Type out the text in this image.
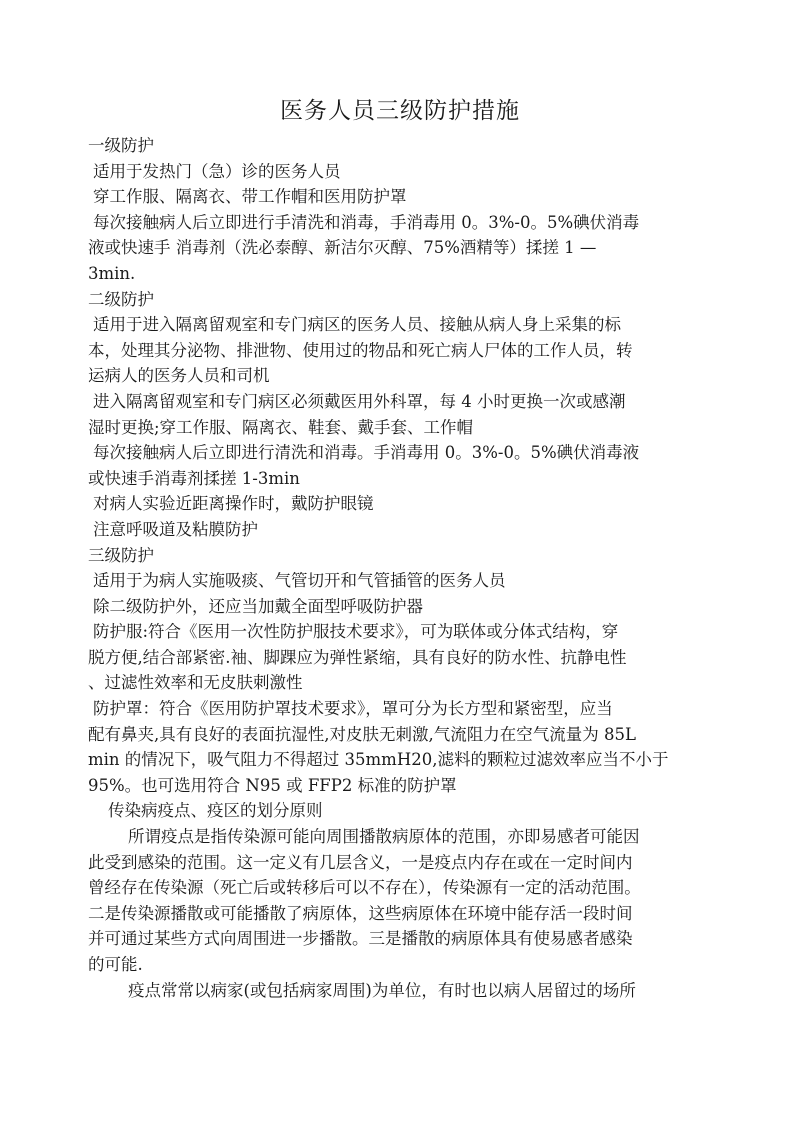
医务人员三级防护措施

一级防护

适用于发热门（急）诊的医务人员

穿工作服、隔离衣、带工作帽和医用防护罩

每次接触病人后立即进行手清洗和消毒，手消毒用 0。3%-0。5%碘伏消毒

液或快速手 消毒剂（洗必泰醇、新洁尔灭醇、75%酒精等）揉搓 1 —

3min.

二级防护

适用于进入隔离留观室和专门病区的医务人员、接触从病人身上采集的标

本，处理其分泌物、排泄物、使用过的物品和死亡病人尸体的工作人员，转

运病人的医务人员和司机

进入隔离留观室和专门病区必须戴医用外科罩，每 4 小时更换一次或感潮

湿时更换;穿工作服、隔离衣、鞋套、戴手套、工作帽

每次接触病人后立即进行清洗和消毒。手消毒用 0。3%-0。5%碘伏消毒液

或快速手消毒剂揉搓 1-3min

对病人实验近距离操作时，戴防护眼镜

注意呼吸道及粘膜防护

三级防护

适用于为病人实施吸痰、气管切开和气管插管的医务人员

除二级防护外，还应当加戴全面型呼吸防护器

防护服:符合《医用一次性防护服技术要求》，可为联体或分体式结构，穿

脱方便,结合部紧密.袖、脚踝应为弹性紧缩，具有良好的防水性、抗静电性

、过滤性效率和无皮肤刺激性

防护罩：符合《医用防护罩技术要求》，罩可分为长方型和紧密型，应当

配有鼻夹,具有良好的表面抗湿性,对皮肤无刺激,气流阻力在空气流量为 85L

min 的情况下，吸气阻力不得超过 35mmH20,滤料的颗粒过滤效率应当不小于

95%。也可选用符合 N95 或 FFP2 标准的防护罩

传染病疫点、疫区的划分原则

所谓疫点是指传染源可能向周围播散病原体的范围，亦即易感者可能因

此受到感染的范围。这一定义有几层含义，一是疫点内存在或在一定时间内

曾经存在传染源（死亡后或转移后可以不存在），传染源有一定的活动范围。

二是传染源播散或可能播散了病原体，这些病原体在环境中能存活一段时间

并可通过某些方式向周围进一步播散。三是播散的病原体具有使易感者感染

的可能.

疫点常常以病家(或包括病家周围)为单位，有时也以病人居留过的场所
